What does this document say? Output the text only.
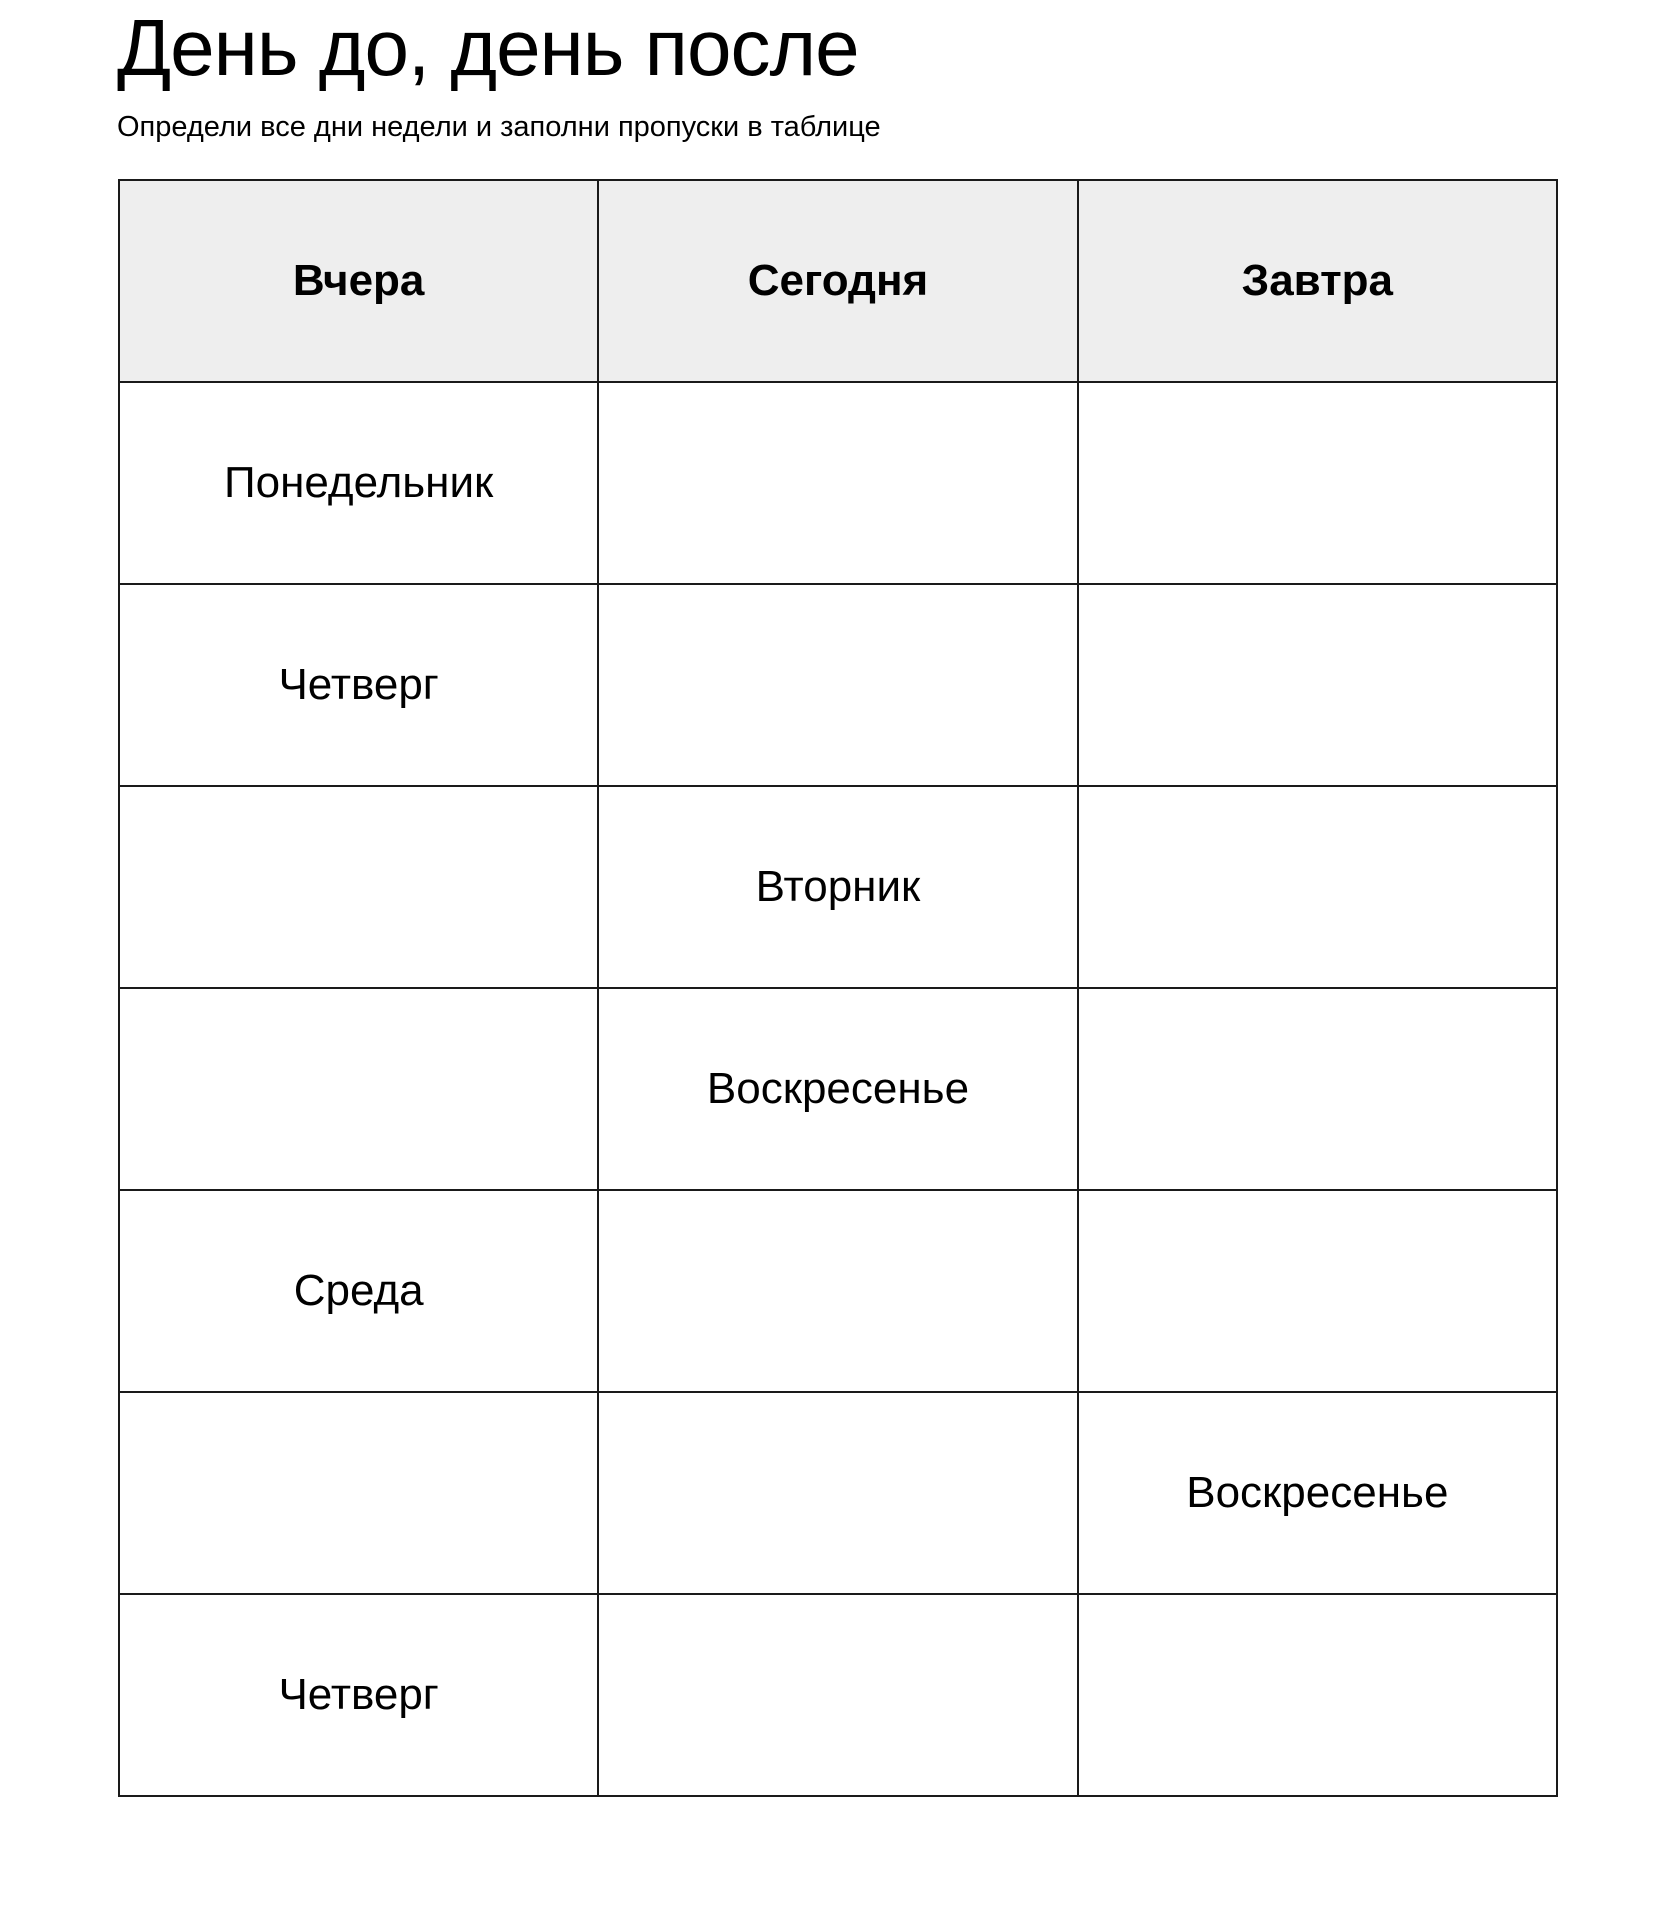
День до, день после

Определи все дни недели и заполни пропуски в таблице

Вчера	Сегодня	Завтра
Понедельник		
Четверг		
	Вторник	
	Воскресенье	
Среда		
		Воскресенье
Четверг		
